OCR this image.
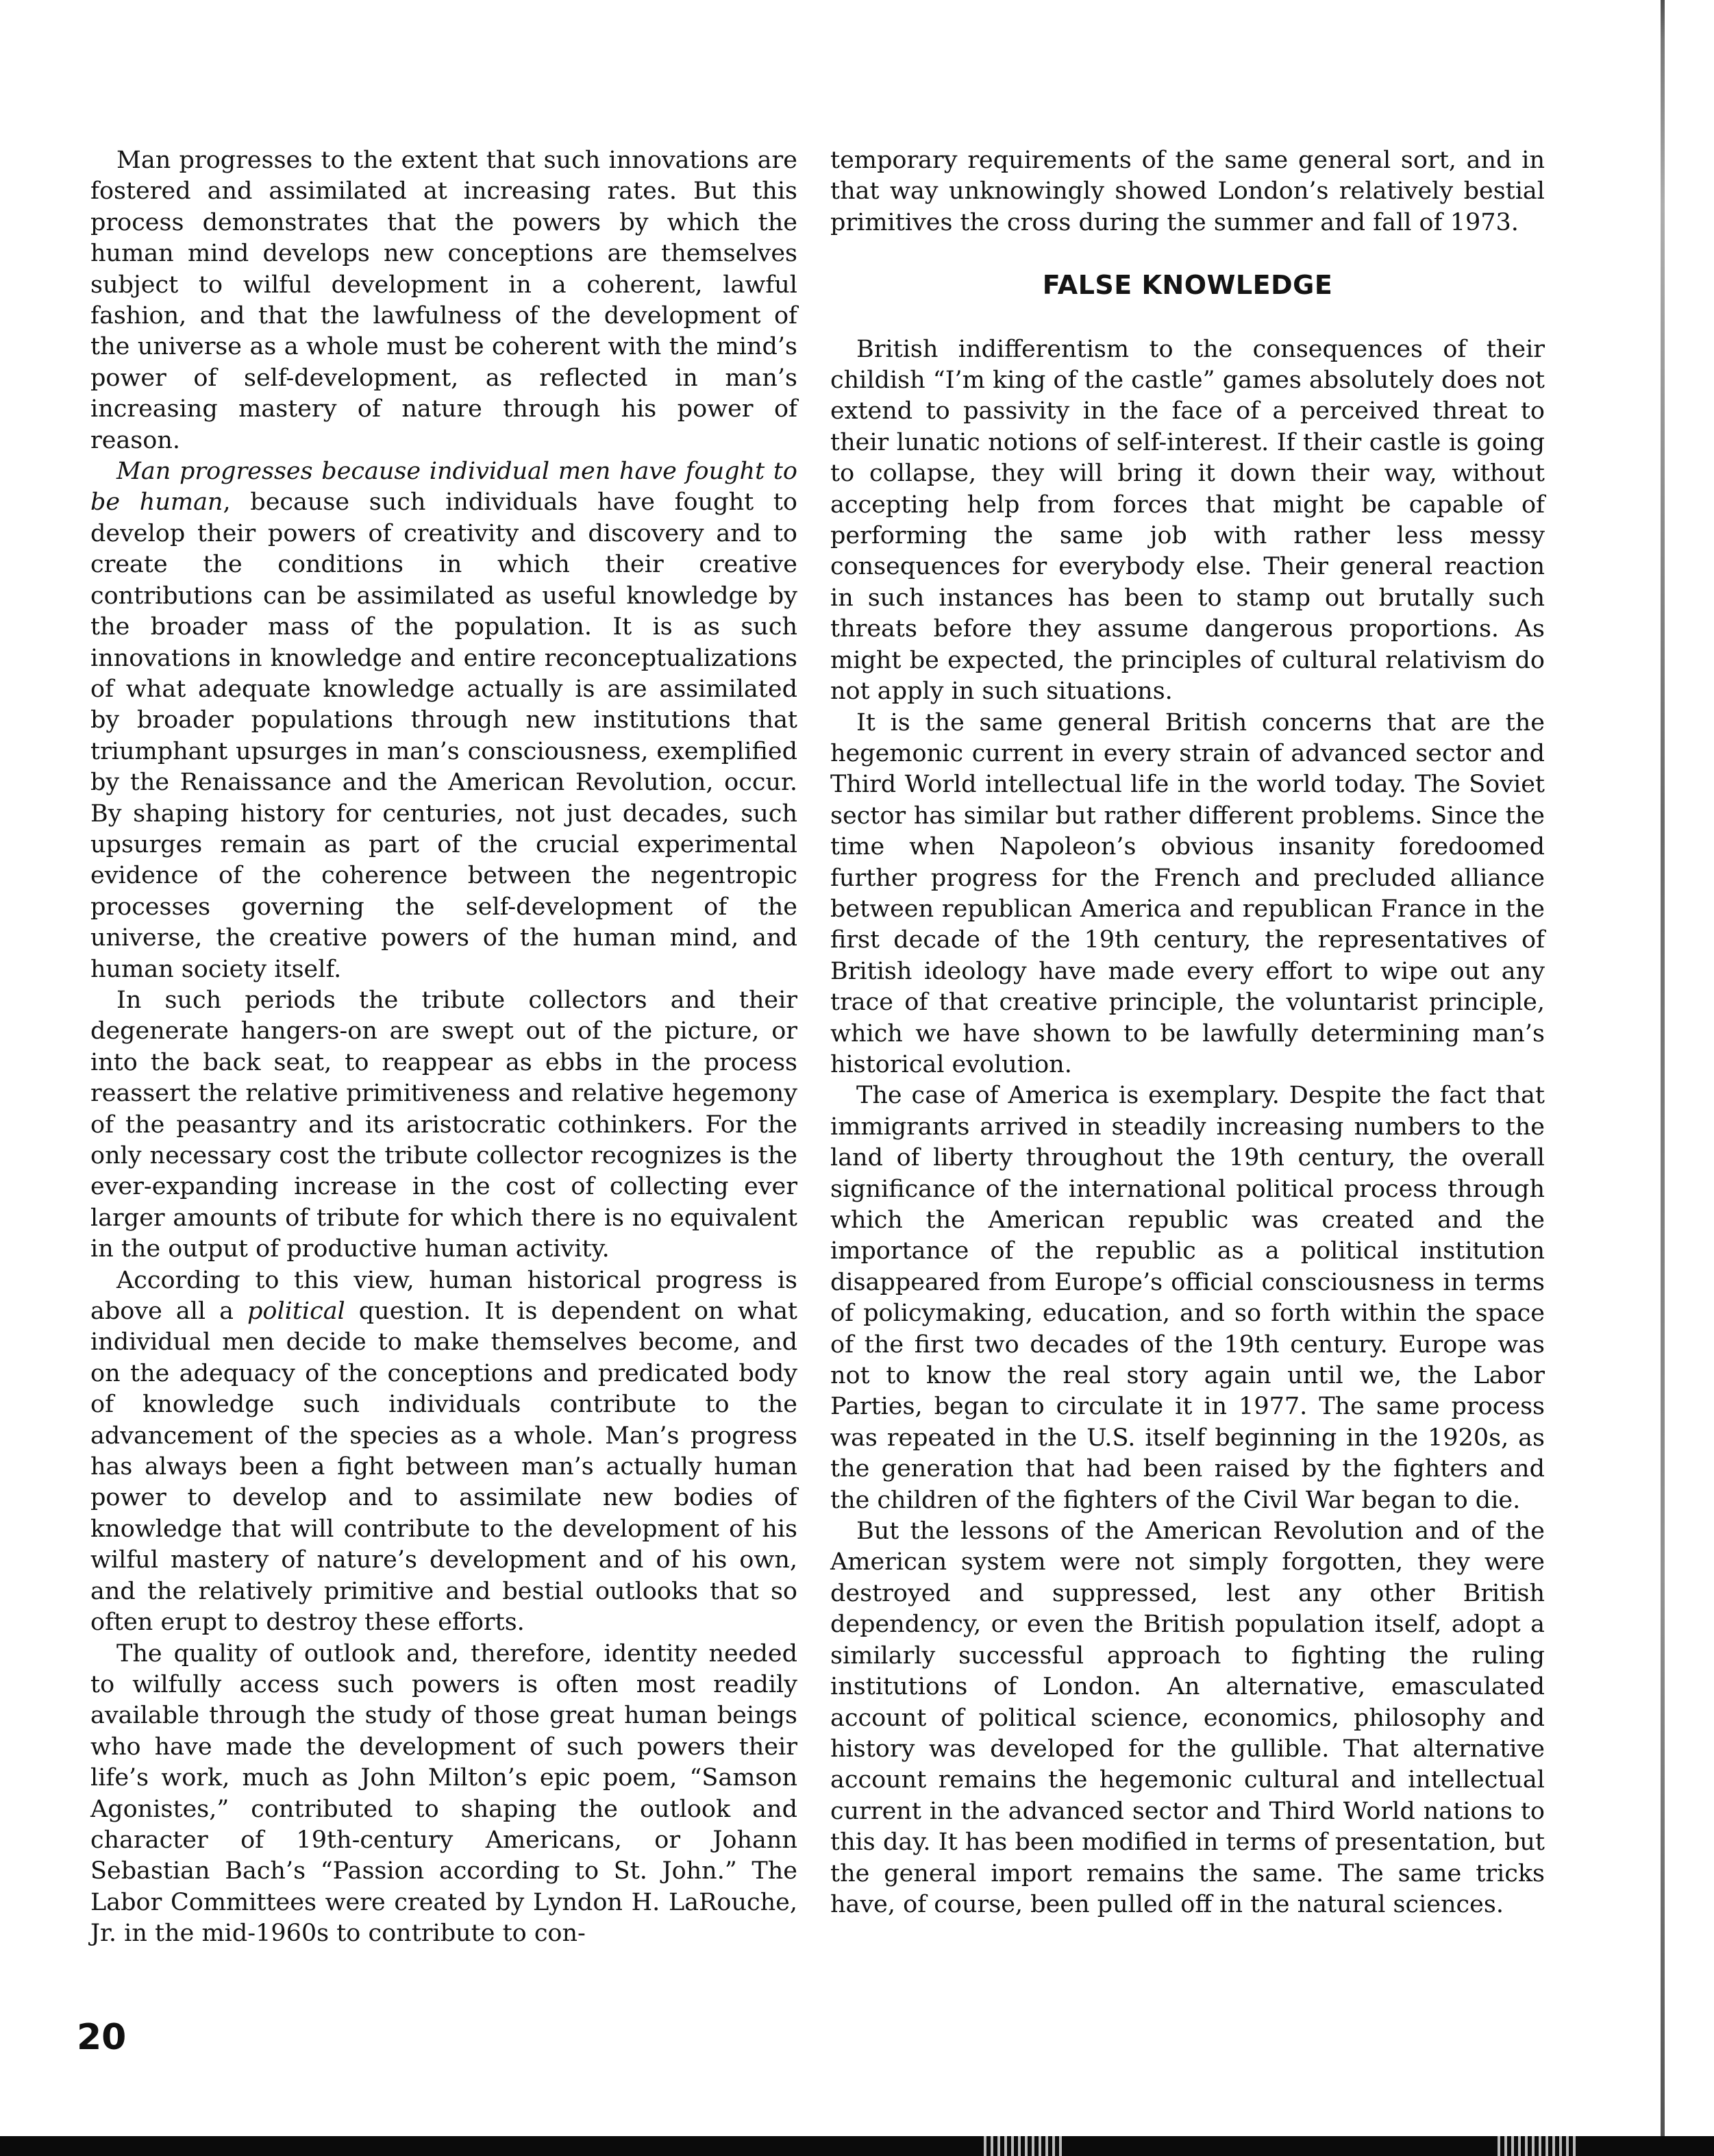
Man progresses to the extent that such innovations are fostered and assimilated at increasing rates. But this process demonstrates that the powers by which the human mind develops new conceptions are themselves subject to wilful development in a coherent, lawful fashion, and that the lawfulness of the development of the universe as a whole must be coherent with the mind’s power of self-development, as reflected in man’s increasing mastery of nature through his power of reason.

Man progresses because individual men have fought to be human, because such individuals have fought to develop their powers of creativity and discovery and to create the conditions in which their creative contributions can be assimilated as useful knowledge by the broader mass of the population. It is as such innovations in knowledge and entire reconceptualizations of what adequate knowledge actually is are assimilated by broader populations through new institutions that triumphant upsurges in man’s consciousness, exemplified by the Renaissance and the American Revolution, occur. By shaping history for centuries, not just decades, such upsurges remain as part of the crucial experimental evidence of the coherence between the negentropic processes governing the self-development of the universe, the creative powers of the human mind, and human society itself.

In such periods the tribute collectors and their degenerate hangers-on are swept out of the picture, or into the back seat, to reappear as ebbs in the process reassert the relative primitiveness and relative hegemony of the peasantry and its aristocratic cothinkers. For the only necessary cost the tribute collector recognizes is the ever-expanding increase in the cost of collecting ever larger amounts of tribute for which there is no equivalent in the output of productive human activity.

According to this view, human historical progress is above all a political question. It is dependent on what individual men decide to make themselves become, and on the adequacy of the conceptions and predicated body of knowledge such individuals contribute to the advancement of the species as a whole. Man’s progress has always been a fight between man’s actually human power to develop and to assimilate new bodies of knowledge that will contribute to the development of his wilful mastery of nature’s development and of his own, and the relatively primitive and bestial outlooks that so often erupt to destroy these efforts.

The quality of outlook and, therefore, identity needed to wilfully access such powers is often most readily available through the study of those great human beings who have made the development of such powers their life’s work, much as John Milton’s epic poem, “Samson Agonistes,” contributed to shaping the outlook and character of 19th-century Americans, or Johann Sebastian Bach’s “Passion according to St. John.” The Labor Committees were created by Lyndon H. LaRouche, Jr. in the mid-1960s to contribute to con-

temporary requirements of the same general sort, and in that way unknowingly showed London’s relatively bestial primitives the cross during the summer and fall of 1973.

FALSE KNOWLEDGE

British indifferentism to the consequences of their childish “I’m king of the castle” games absolutely does not extend to passivity in the face of a perceived threat to their lunatic notions of self-interest. If their castle is going to collapse, they will bring it down their way, without accepting help from forces that might be capable of performing the same job with rather less messy consequences for everybody else. Their general reaction in such instances has been to stamp out brutally such threats before they assume dangerous proportions. As might be expected, the principles of cultural relativism do not apply in such situations.

It is the same general British concerns that are the hegemonic current in every strain of advanced sector and Third World intellectual life in the world today. The Soviet sector has similar but rather different problems. Since the time when Napoleon’s obvious insanity foredoomed further progress for the French and precluded alliance between republican America and republican France in the first decade of the 19th century, the representatives of British ideology have made every effort to wipe out any trace of that creative principle, the voluntarist principle, which we have shown to be lawfully determining man’s historical evolution.

The case of America is exemplary. Despite the fact that immigrants arrived in steadily increasing numbers to the land of liberty throughout the 19th century, the overall significance of the international political process through which the American republic was created and the importance of the republic as a political institution disappeared from Europe’s official consciousness in terms of policymaking, education, and so forth within the space of the first two decades of the 19th century. Europe was not to know the real story again until we, the Labor Parties, began to circulate it in 1977. The same process was repeated in the U.S. itself beginning in the 1920s, as the generation that had been raised by the fighters and the children of the fighters of the Civil War began to die.

But the lessons of the American Revolution and of the American system were not simply forgotten, they were destroyed and suppressed, lest any other British dependency, or even the British population itself, adopt a similarly successful approach to fighting the ruling institutions of London. An alternative, emasculated account of political science, economics, philosophy and history was developed for the gullible. That alternative account remains the hegemonic cultural and intellectual current in the advanced sector and Third World nations to this day. It has been modified in terms of presentation, but the general import remains the same. The same tricks have, of course, been pulled off in the natural sciences.

20
